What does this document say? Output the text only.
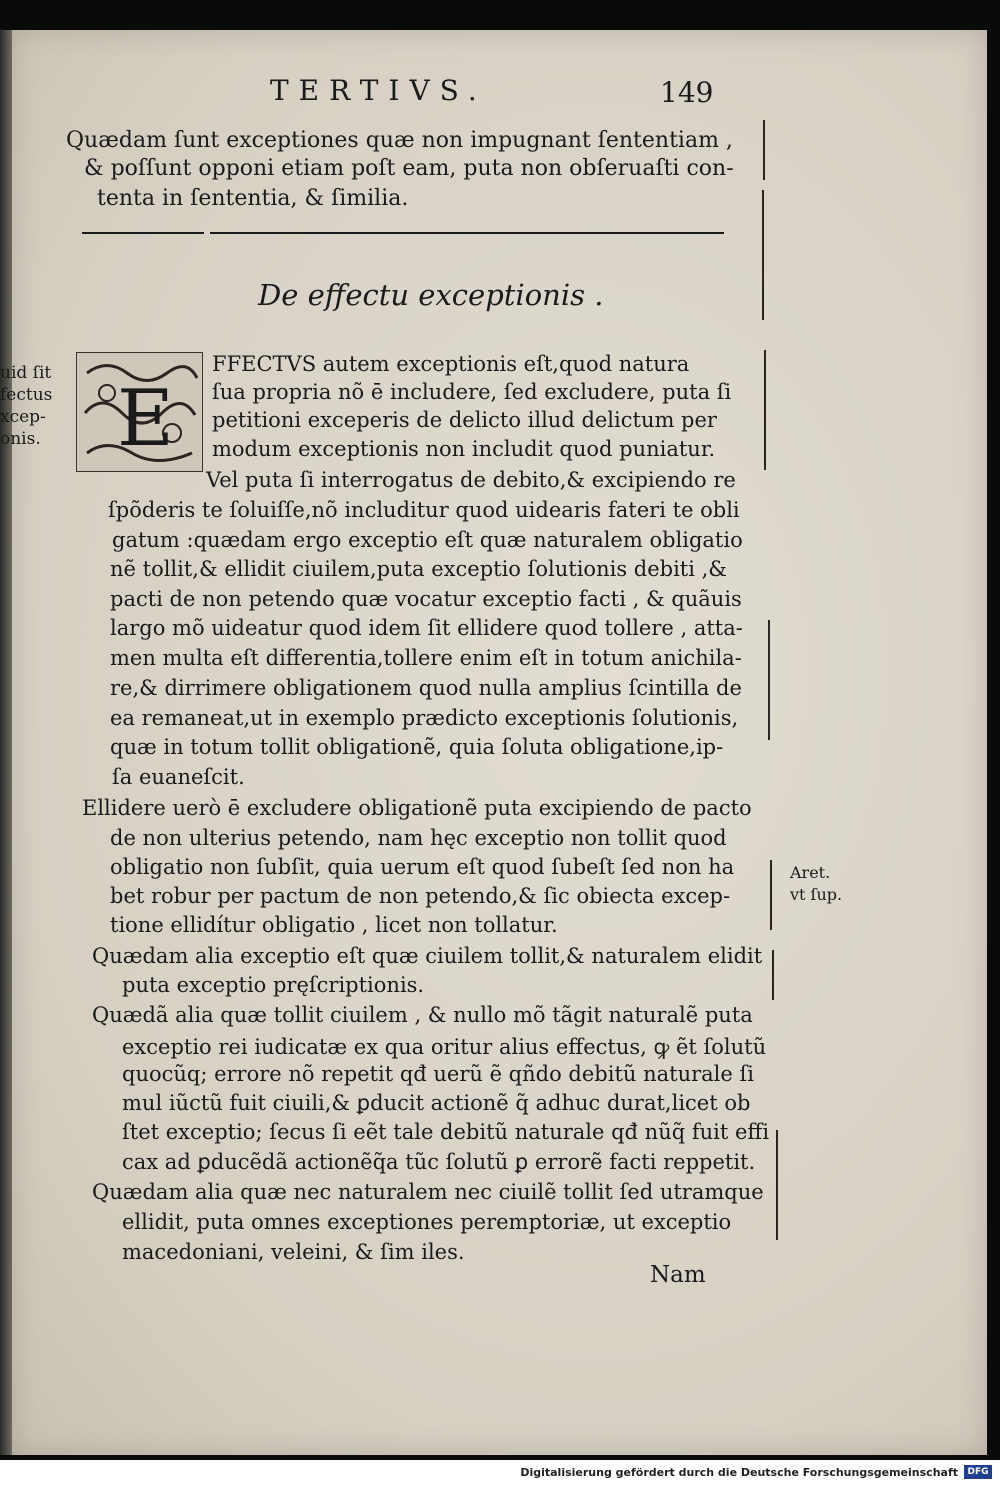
TERTIVS.	149
Quædam ſunt exceptiones quæ non impugnant ſententiam ,
& poſſunt opponi etiam poſt eam, puta non obſeruaſti con-
tenta in ſententia, & ſimilia.
De effectu exceptionis .
E
FFECTVS autem exceptionis eſt,quod natura
ſua propria nõ ē includere, ſed excludere, puta ſi
petitioni exceperis de delicto illud delictum per
modum exceptionis non includit quod puniatur.
Vel puta ſi interrogatus de debito,& excipiendo re
ſpõderis te ſoluiſſe,nõ includitur quod uidearis fateri te obli
gatum :quædam ergo exceptio eſt quæ naturalem obligatio
nẽ tollit,& ellidit ciuilem,puta exceptio ſolutionis debiti ,&
pacti de non petendo quæ vocatur exceptio facti , & quãuis
largo mõ uideatur quod idem ſit ellidere quod tollere , atta-
men multa eſt differentia,tollere enim eſt in totum anichila-
re,& dirrimere obligationem quod nulla amplius ſcintilla de
ea remaneat,ut in exemplo prædicto exceptionis ſolutionis,
quæ in totum tollit obligationẽ, quia ſoluta obligatione,ip-
ſa euaneſcit.
Ellidere uerò ē excludere obligationẽ puta excipiendo de pacto
de non ulterius petendo, nam hęc exceptio non tollit quod
obligatio non ſubſit, quia uerum eſt quod ſubeſt ſed non ha
bet robur per pactum de non petendo,& ſic obiecta excep-
tione ellidítur obligatio , licet non tollatur.
Quædam alia exceptio eſt quæ ciuilem tollit,& naturalem elidit
puta exceptio pręſcriptionis.
Quædã alia quæ tollit ciuilem , & nullo mõ tãgit naturalẽ puta
exceptio rei iudicatæ ex qua oritur alius effectus, ꝙ ẽt ſolutũ
quocũq; errore nõ repetit qđ uerũ ẽ qñdo debitũ naturale ſi
mul iũctũ fuit ciuili,& ꝑducit actionẽ q̃ adhuc durat,licet ob
ſtet exceptio; ſecus ſi eẽt tale debitũ naturale qđ nũq̃ fuit effi
cax ad ꝑducẽdã actionẽq̃a tũc ſolutũ ꝑ errorẽ facti reppetit.
Quædam alia quæ nec naturalem nec ciuilẽ tollit ſed utramque
ellidit, puta omnes exceptiones peremptoriæ, ut exceptio
macedoniani, veleini, & ſim iles.
Nam
uid ſit
fectus
xcep-
onis.
Aret.
vt ſup.
Digitalisierung gefördert durch die Deutsche Forschungsgemeinschaft	DFG
